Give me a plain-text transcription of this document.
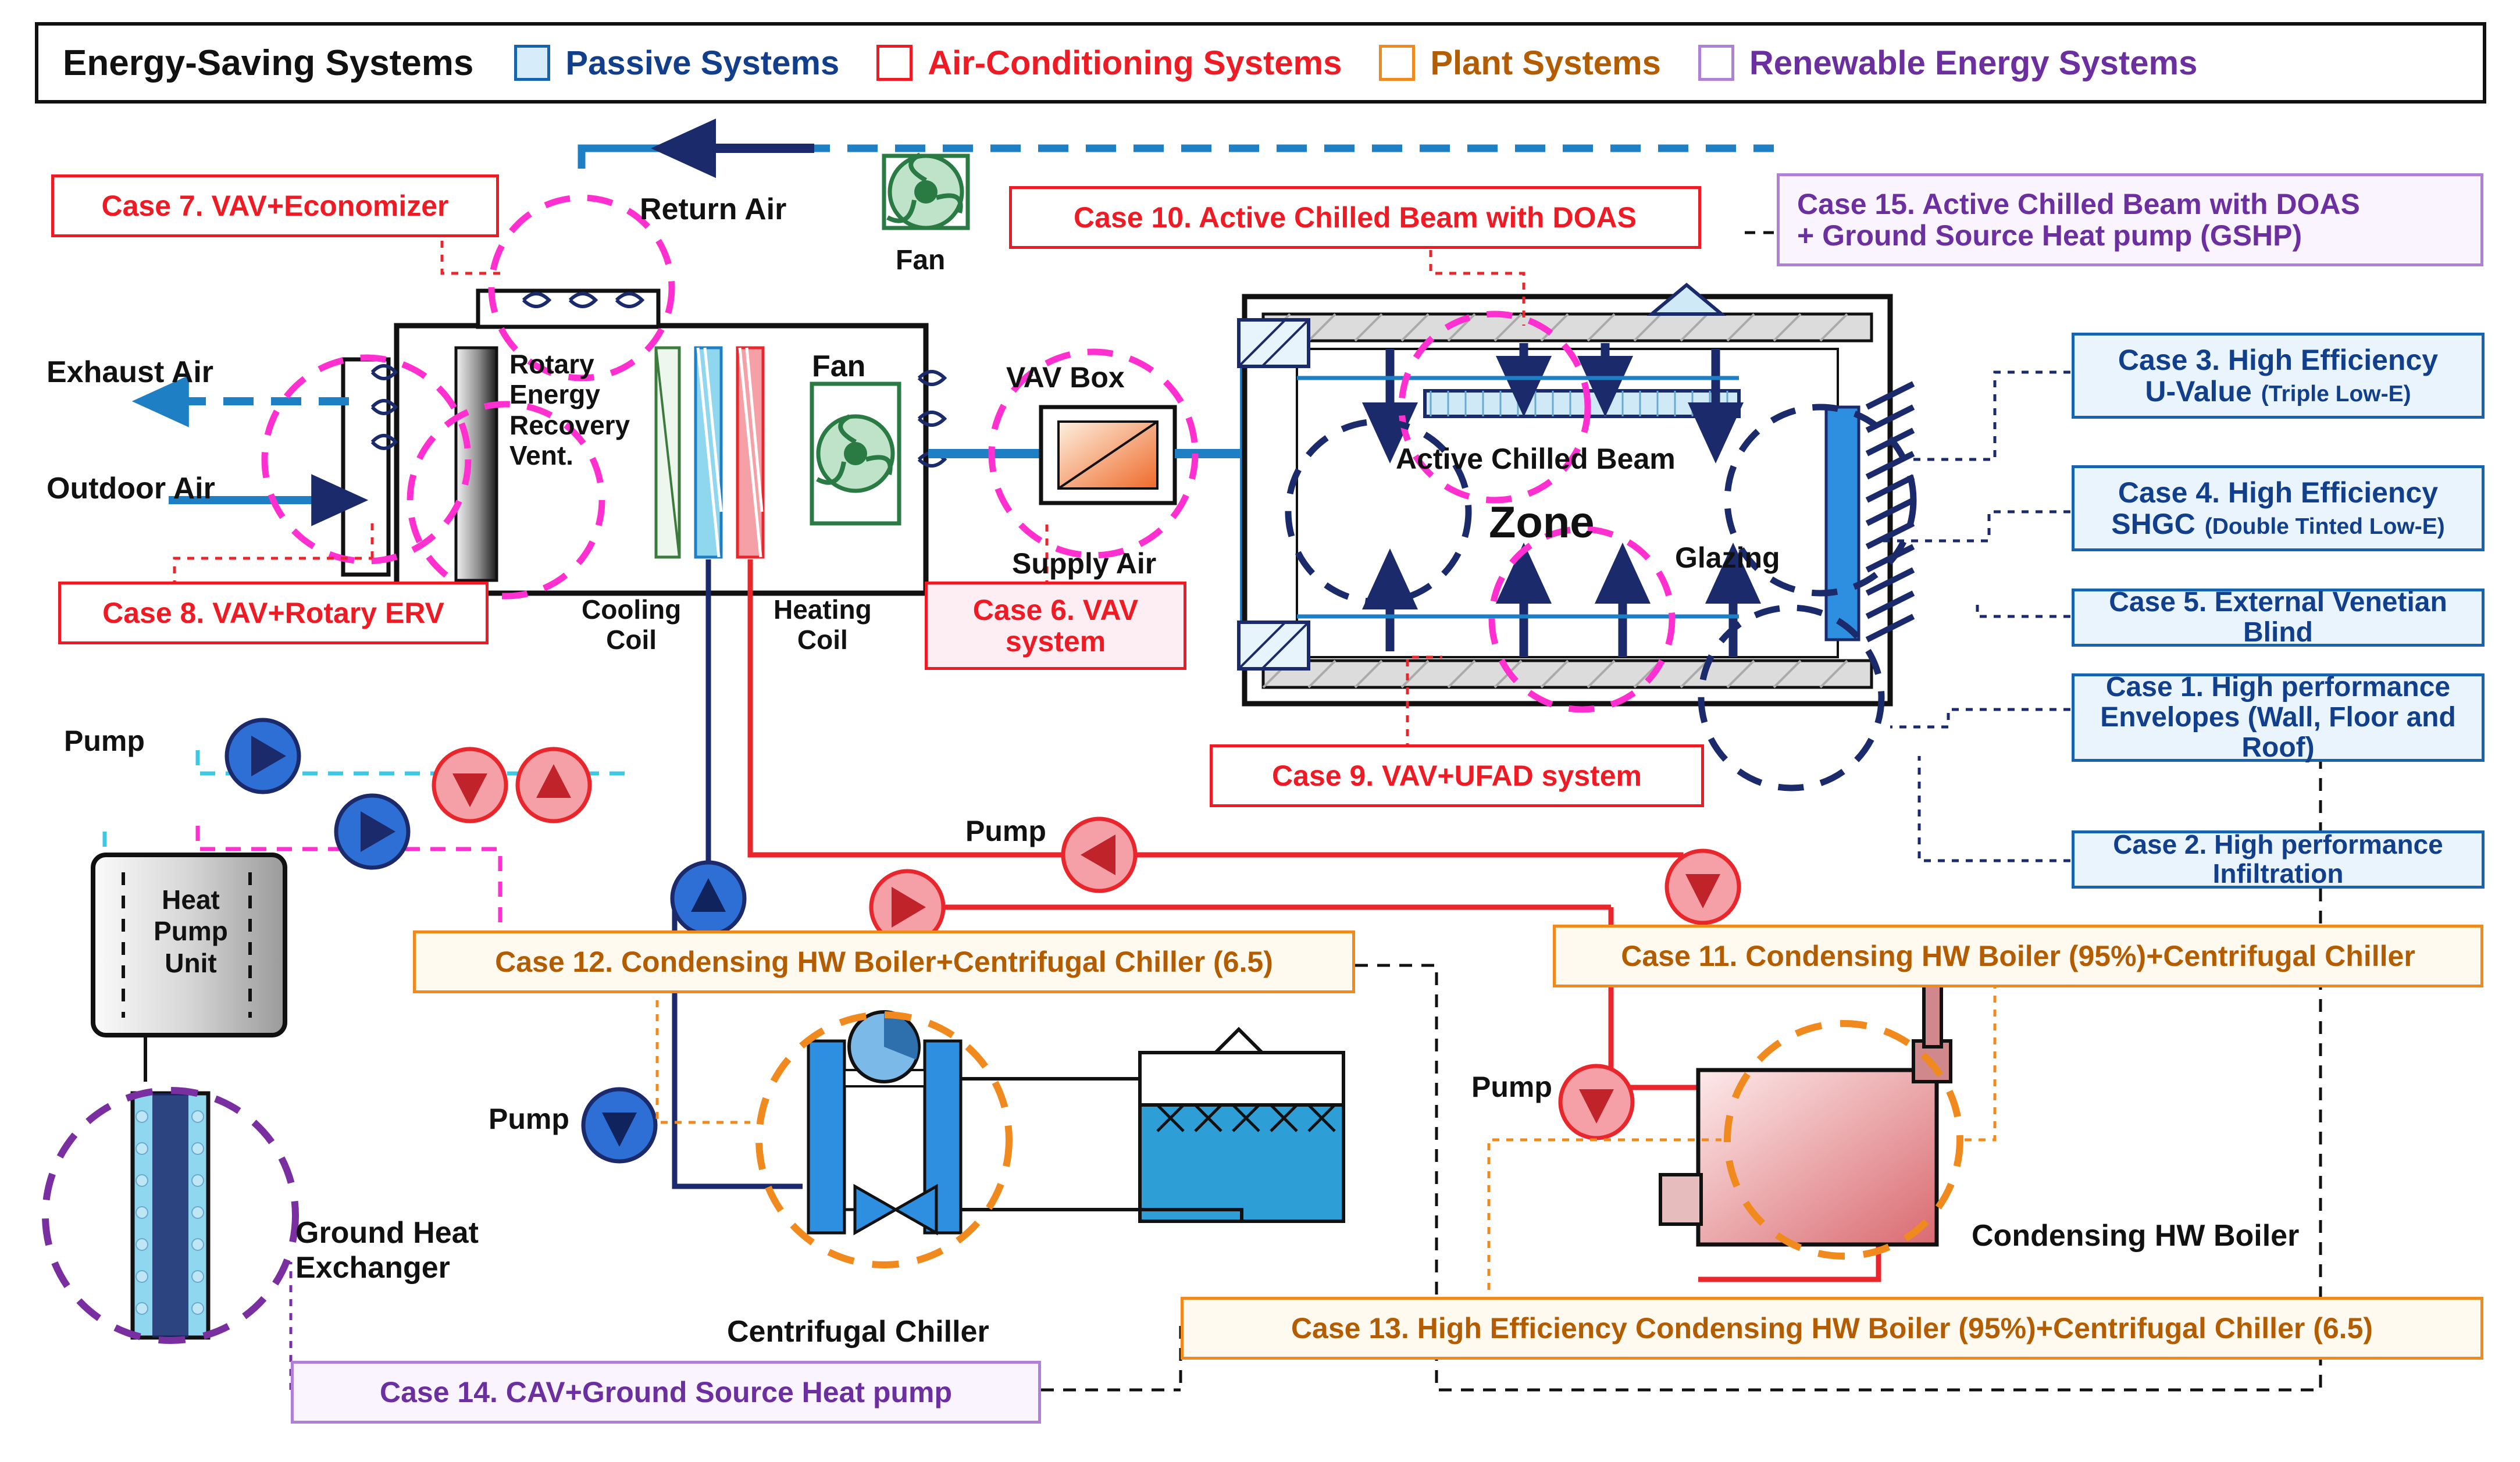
Energy-Saving Systems	Passive Systems	Air-Conditioning Systems	Plant Systems	Renewable Energy Systems
Return Air
Fan
Exhaust Air
Outdoor Air
Rotary
Energy
Recovery
Vent.
Fan
Cooling
Coil
Heating
Coil
VAV Box
Supply Air
Active Chilled Beam
Zone
Glazing
Pump
Pump
Pump
Pump
Heat
Pump
Unit
Ground Heat
Exchanger
Centrifugal Chiller
Condensing HW Boiler
Case 7. VAV+Economizer
Case 8. VAV+Rotary ERV	Case 6. VAV
system
Case 10. Active Chilled Beam with DOAS
Case 9. VAV+UFAD system
Case 15. Active Chilled Beam with DOAS
+ Ground Source Heat pump (GSHP)
Case 3. High Efficiency
U-Value (Triple Low-E)
Case 4. High Efficiency
SHGC (Double Tinted Low-E)
Case 5. External Venetian Blind
Case 1. High performance
Envelopes (Wall, Floor and Roof)
Case 2. High performance Infiltration
Case 12. Condensing HW Boiler+Centrifugal Chiller (6.5)	Case 11. Condensing HW Boiler (95%)+Centrifugal Chiller
Case 13. High Efficiency Condensing HW Boiler (95%)+Centrifugal Chiller (6.5)
Case 14. CAV+Ground Source Heat pump
